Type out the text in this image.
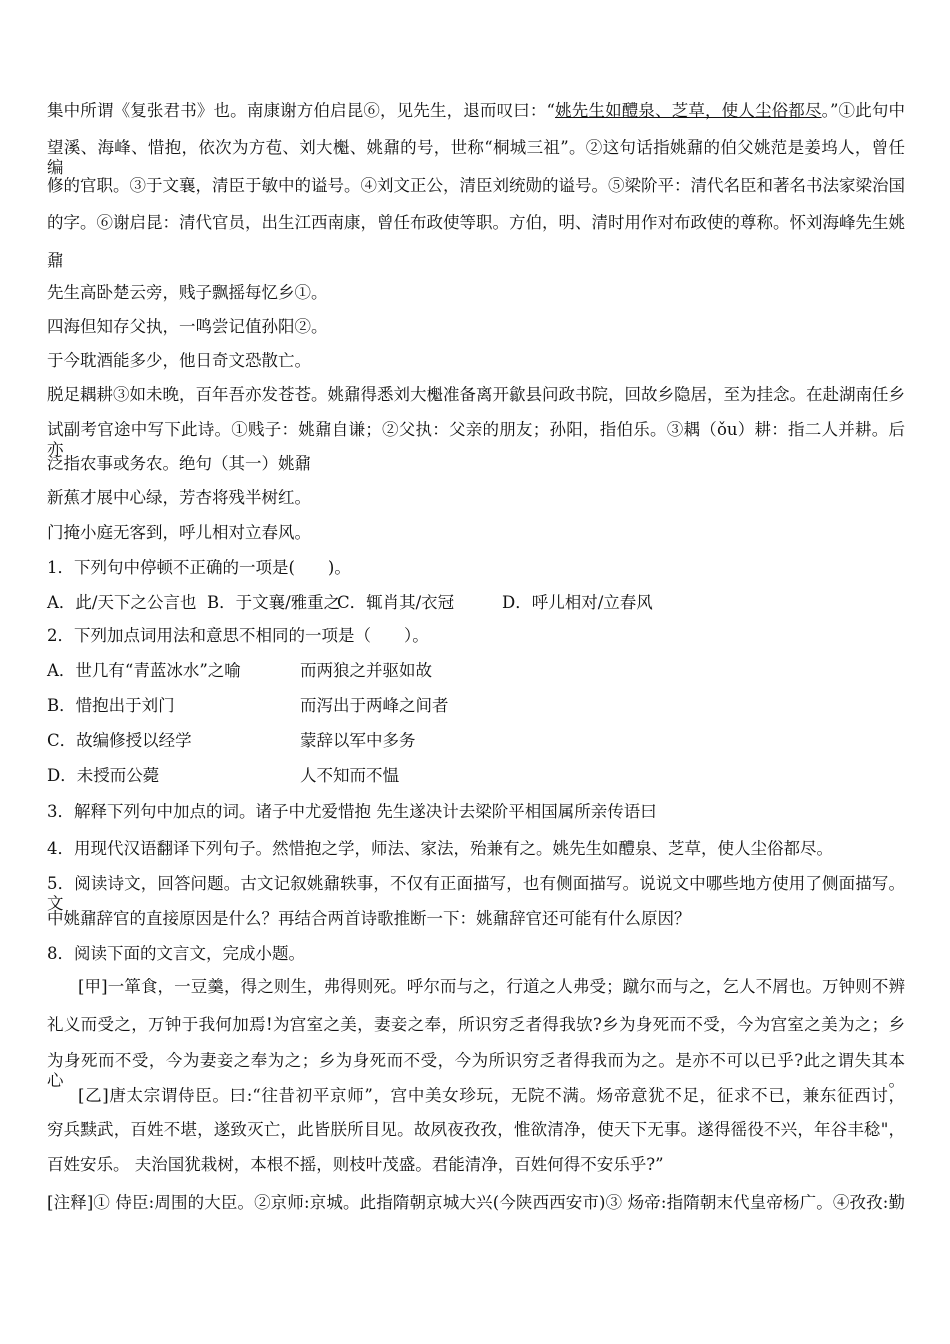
集中所谓《复张君书》也。南康谢方伯启昆⑥，见先生，退而叹曰：“姚先生如醴泉、芝草，使人尘俗都尽。”①此句中
望溪、海峰、惜抱，依次为方苞、刘大櫆、姚鼐的号，世称“桐城三祖”。②这句话指姚鼐的伯父姚范是姜坞人，曾任编
修的官职。③于文襄，清臣于敏中的谥号。④刘文正公，清臣刘统勋的谥号。⑤梁阶平：清代名臣和著名书法家梁治国
的字。⑥谢启昆：清代官员，出生江西南康，曾任布政使等职。方伯，明、清时用作对布政使的尊称。怀刘海峰先生姚
鼐
先生高卧楚云旁，贱子飘摇每忆乡①。
四海但知存父执，一鸣尝记值孙阳②。
于今耽酒能多少，他日奇文恐散亡。
脱足耦耕③如未晚，百年吾亦发苍苍。姚鼐得悉刘大櫆准备离开歙县问政书院，回故乡隐居，至为挂念。在赴湖南任乡
试副考官途中写下此诗。①贱子：姚鼐自谦；②父执：父亲的朋友；孙阳，指伯乐。③耦（ǒu）耕：指二人并耕。后亦
泛指农事或务农。绝句（其一）姚鼐
新蕉才展中心绿，芳杏将残半树红。
门掩小庭无客到，呼儿相对立春风。
1．下列句中停顿不正确的一项是(　　)。
A．此/天下之公言也 B．于文襄/雅重之C．辄肖其/衣冠	D．呼儿相对/立春风
2．下列加点词用法和意思不相同的一项是（　　）。
A．世几有“青蓝冰水”之喻	而两狼之并驱如故
B．惜抱出于刘门	而泻出于两峰之间者
C．故编修授以经学	蒙辞以军中多务
D．未授而公薨	人不知而不愠
3．解释下列句中加点的词。诸子中尤爱惜抱 先生遂决计去梁阶平相国属所亲传语曰
4．用现代汉语翻译下列句子。然惜抱之学，师法、家法，殆兼有之。姚先生如醴泉、芝草，使人尘俗都尽。
5．阅读诗文，回答问题。古文记叙姚鼐轶事，不仅有正面描写，也有侧面描写。说说文中哪些地方使用了侧面描写。文
中姚鼐辞官的直接原因是什么？再结合两首诗歌推断一下：姚鼐辞官还可能有什么原因？
8．阅读下面的文言文，完成小题。
[甲]一箪食，一豆羹，得之则生，弗得则死。呼尔而与之，行道之人弗受；蹴尔而与之，乞人不屑也。万钟则不辨
礼义而受之，万钟于我何加焉!为宫室之美，妻妾之奉，所识穷乏者得我欤?乡为身死而不受，今为宫室之美为之；乡
为身死而不受，今为妻妾之奉为之；乡为身死而不受，今为所识穷乏者得我而为之。是亦不可以已乎?此之谓失其本心。
[乙]唐太宗谓侍臣。曰:“往昔初平京师”，宫中美女珍玩，无院不满。炀帝意犹不足，征求不已，兼东征西讨，
穷兵黩武，百姓不堪，遂致灭亡，此皆朕所目见。故夙夜孜孜，惟欲清净，使天下无事。遂得徭役不兴，年谷丰稔"，
百姓安乐。 夫治国犹栽树，本根不摇，则枝叶茂盛。君能清净，百姓何得不安乐乎?”
[注释]① 侍臣:周围的大臣。②京师:京城。此指隋朝京城大兴(今陕西西安市)③ 炀帝:指隋朝末代皇帝杨广。④孜孜:勤
